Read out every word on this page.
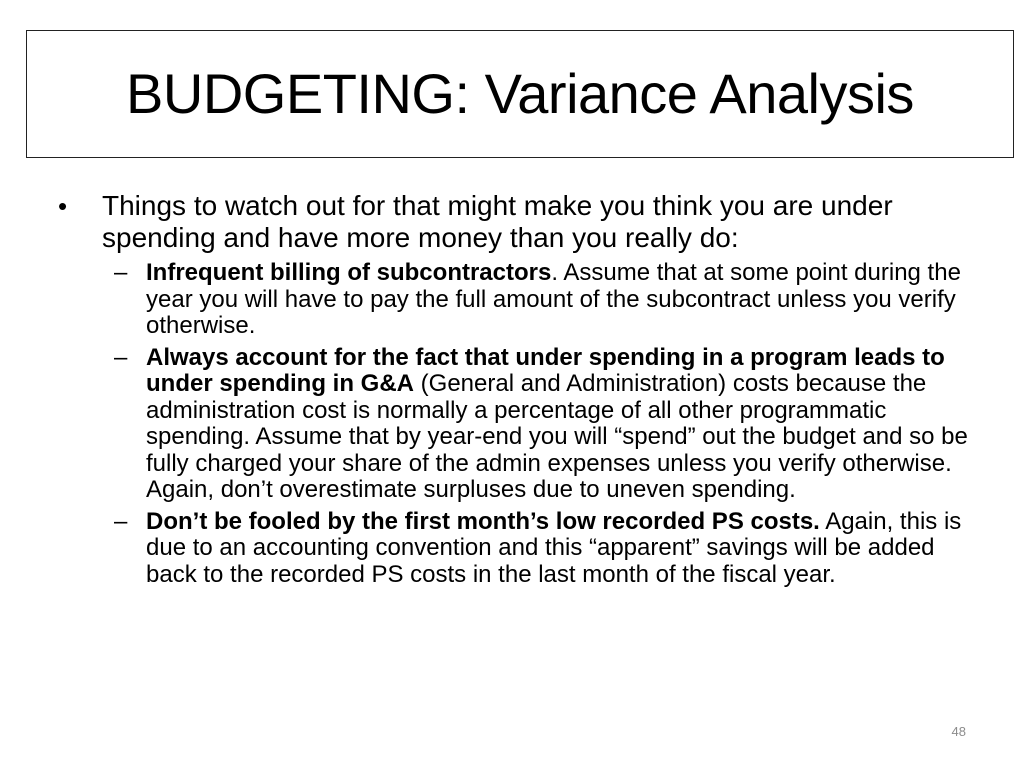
BUDGETING: Variance Analysis
•	Things to watch out for that might make you think you are under spending and have more money than you really do:
– Infrequent billing of subcontractors. Assume that at some point during the year you will have to pay the full amount of the subcontract unless you verify otherwise.
– Always account for the fact that under spending in a program leads to under spending in G&A (General and Administration) costs because the administration cost is normally a percentage of all other programmatic spending. Assume that by year-end you will “spend” out the budget and so be fully charged your share of the admin expenses unless you verify otherwise. Again, don’t overestimate surpluses due to uneven spending.
– Don’t be fooled by the first month’s low recorded PS costs. Again, this is due to an accounting convention and this “apparent” savings will be added back to the recorded PS costs in the last month of the fiscal year.
48
